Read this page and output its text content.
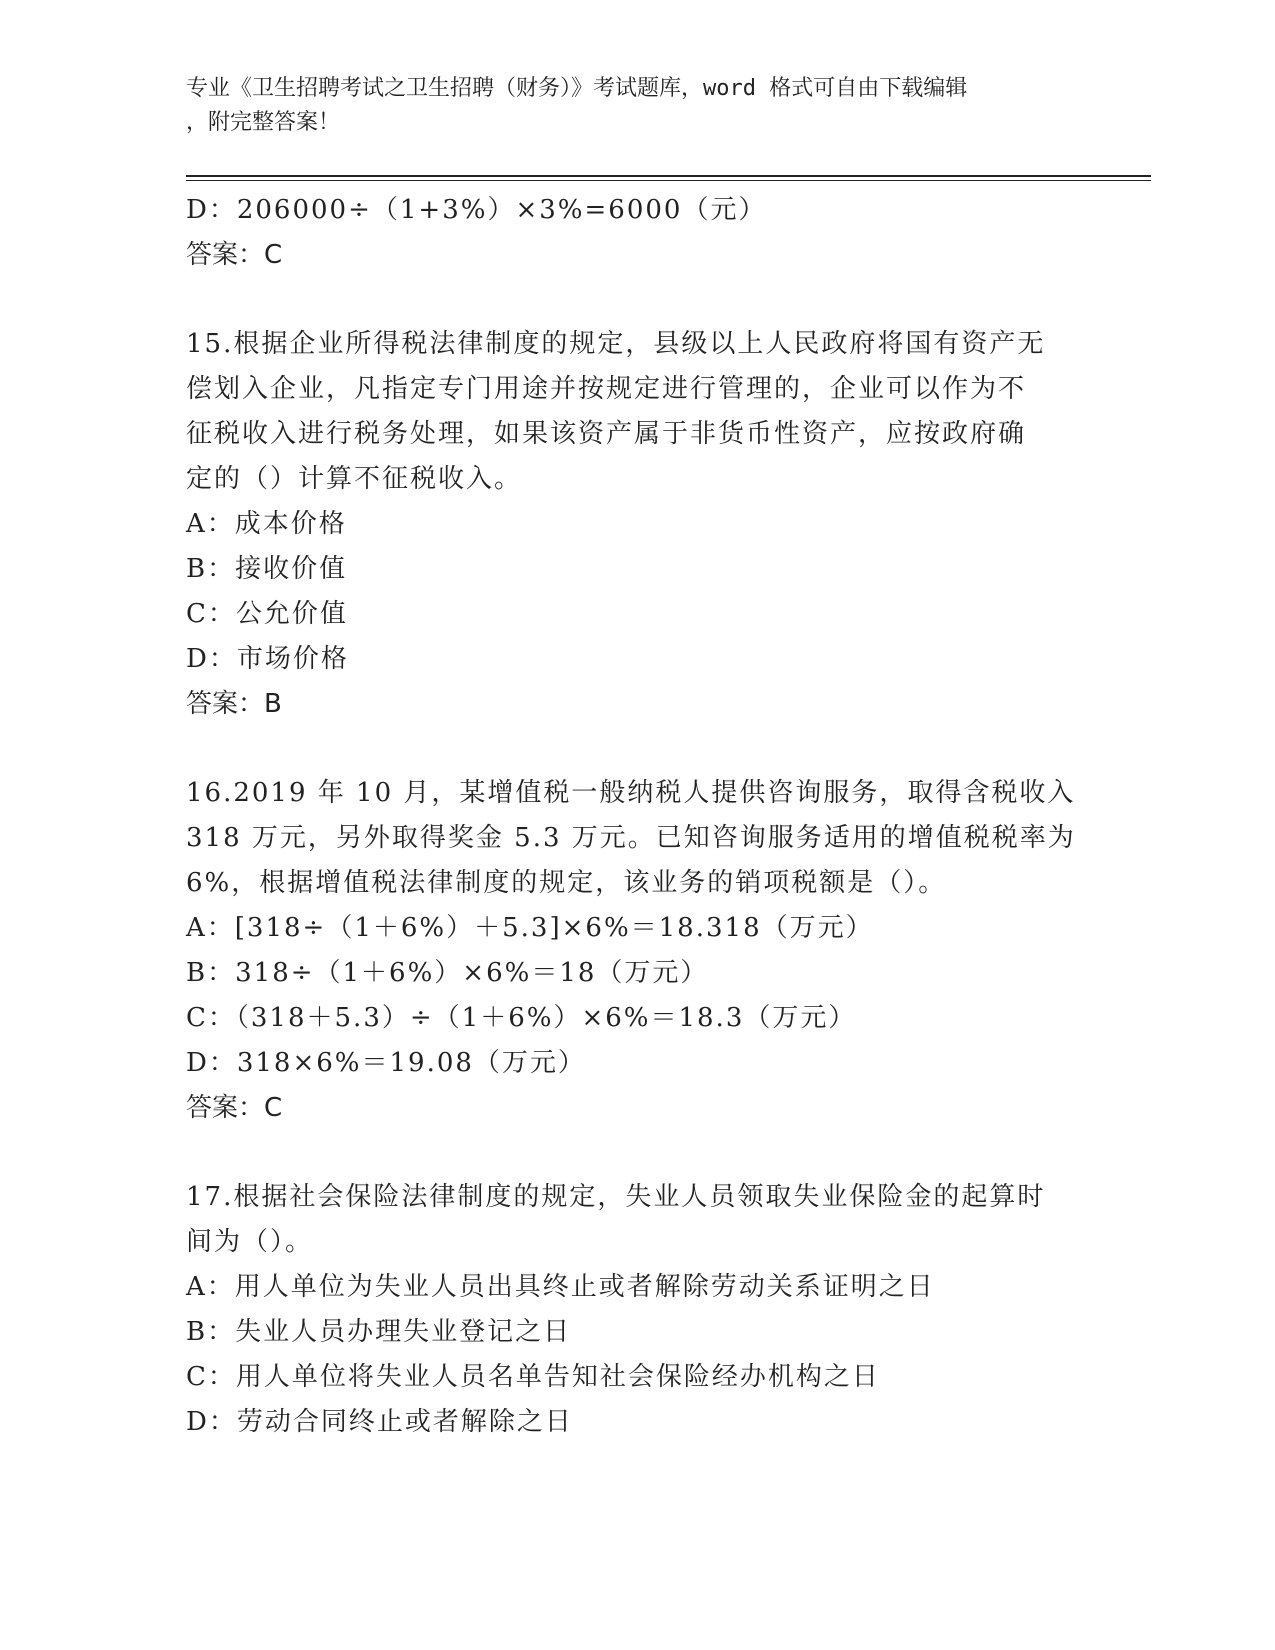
专业《卫生招聘考试之卫生招聘（财务）》考试题库，word 格式可自由下载编辑
，附完整答案！
D：206000÷（1+3%）×3%=6000（元）
答案：C
15.根据企业所得税法律制度的规定，县级以上人民政府将国有资产无
偿划入企业，凡指定专门用途并按规定进行管理的，企业可以作为不
征税收入进行税务处理，如果该资产属于非货币性资产，应按政府确
定的（）计算不征税收入。
A：成本价格
B：接收价值
C：公允价值
D：市场价格
答案：B
16.2019 年 10 月，某增值税一般纳税人提供咨询服务，取得含税收入
318 万元，另外取得奖金 5.3 万元。已知咨询服务适用的增值税税率为
6%，根据增值税法律制度的规定，该业务的销项税额是（）。
A：[318÷（1＋6%）＋5.3]×6%＝18.318（万元）
B：318÷（1＋6%）×6%＝18（万元）
C：（318＋5.3）÷（1＋6%）×6%＝18.3（万元）
D：318×6%＝19.08（万元）
答案：C
17.根据社会保险法律制度的规定，失业人员领取失业保险金的起算时
间为（）。
A：用人单位为失业人员出具终止或者解除劳动关系证明之日
B：失业人员办理失业登记之日
C：用人单位将失业人员名单告知社会保险经办机构之日
D：劳动合同终止或者解除之日
